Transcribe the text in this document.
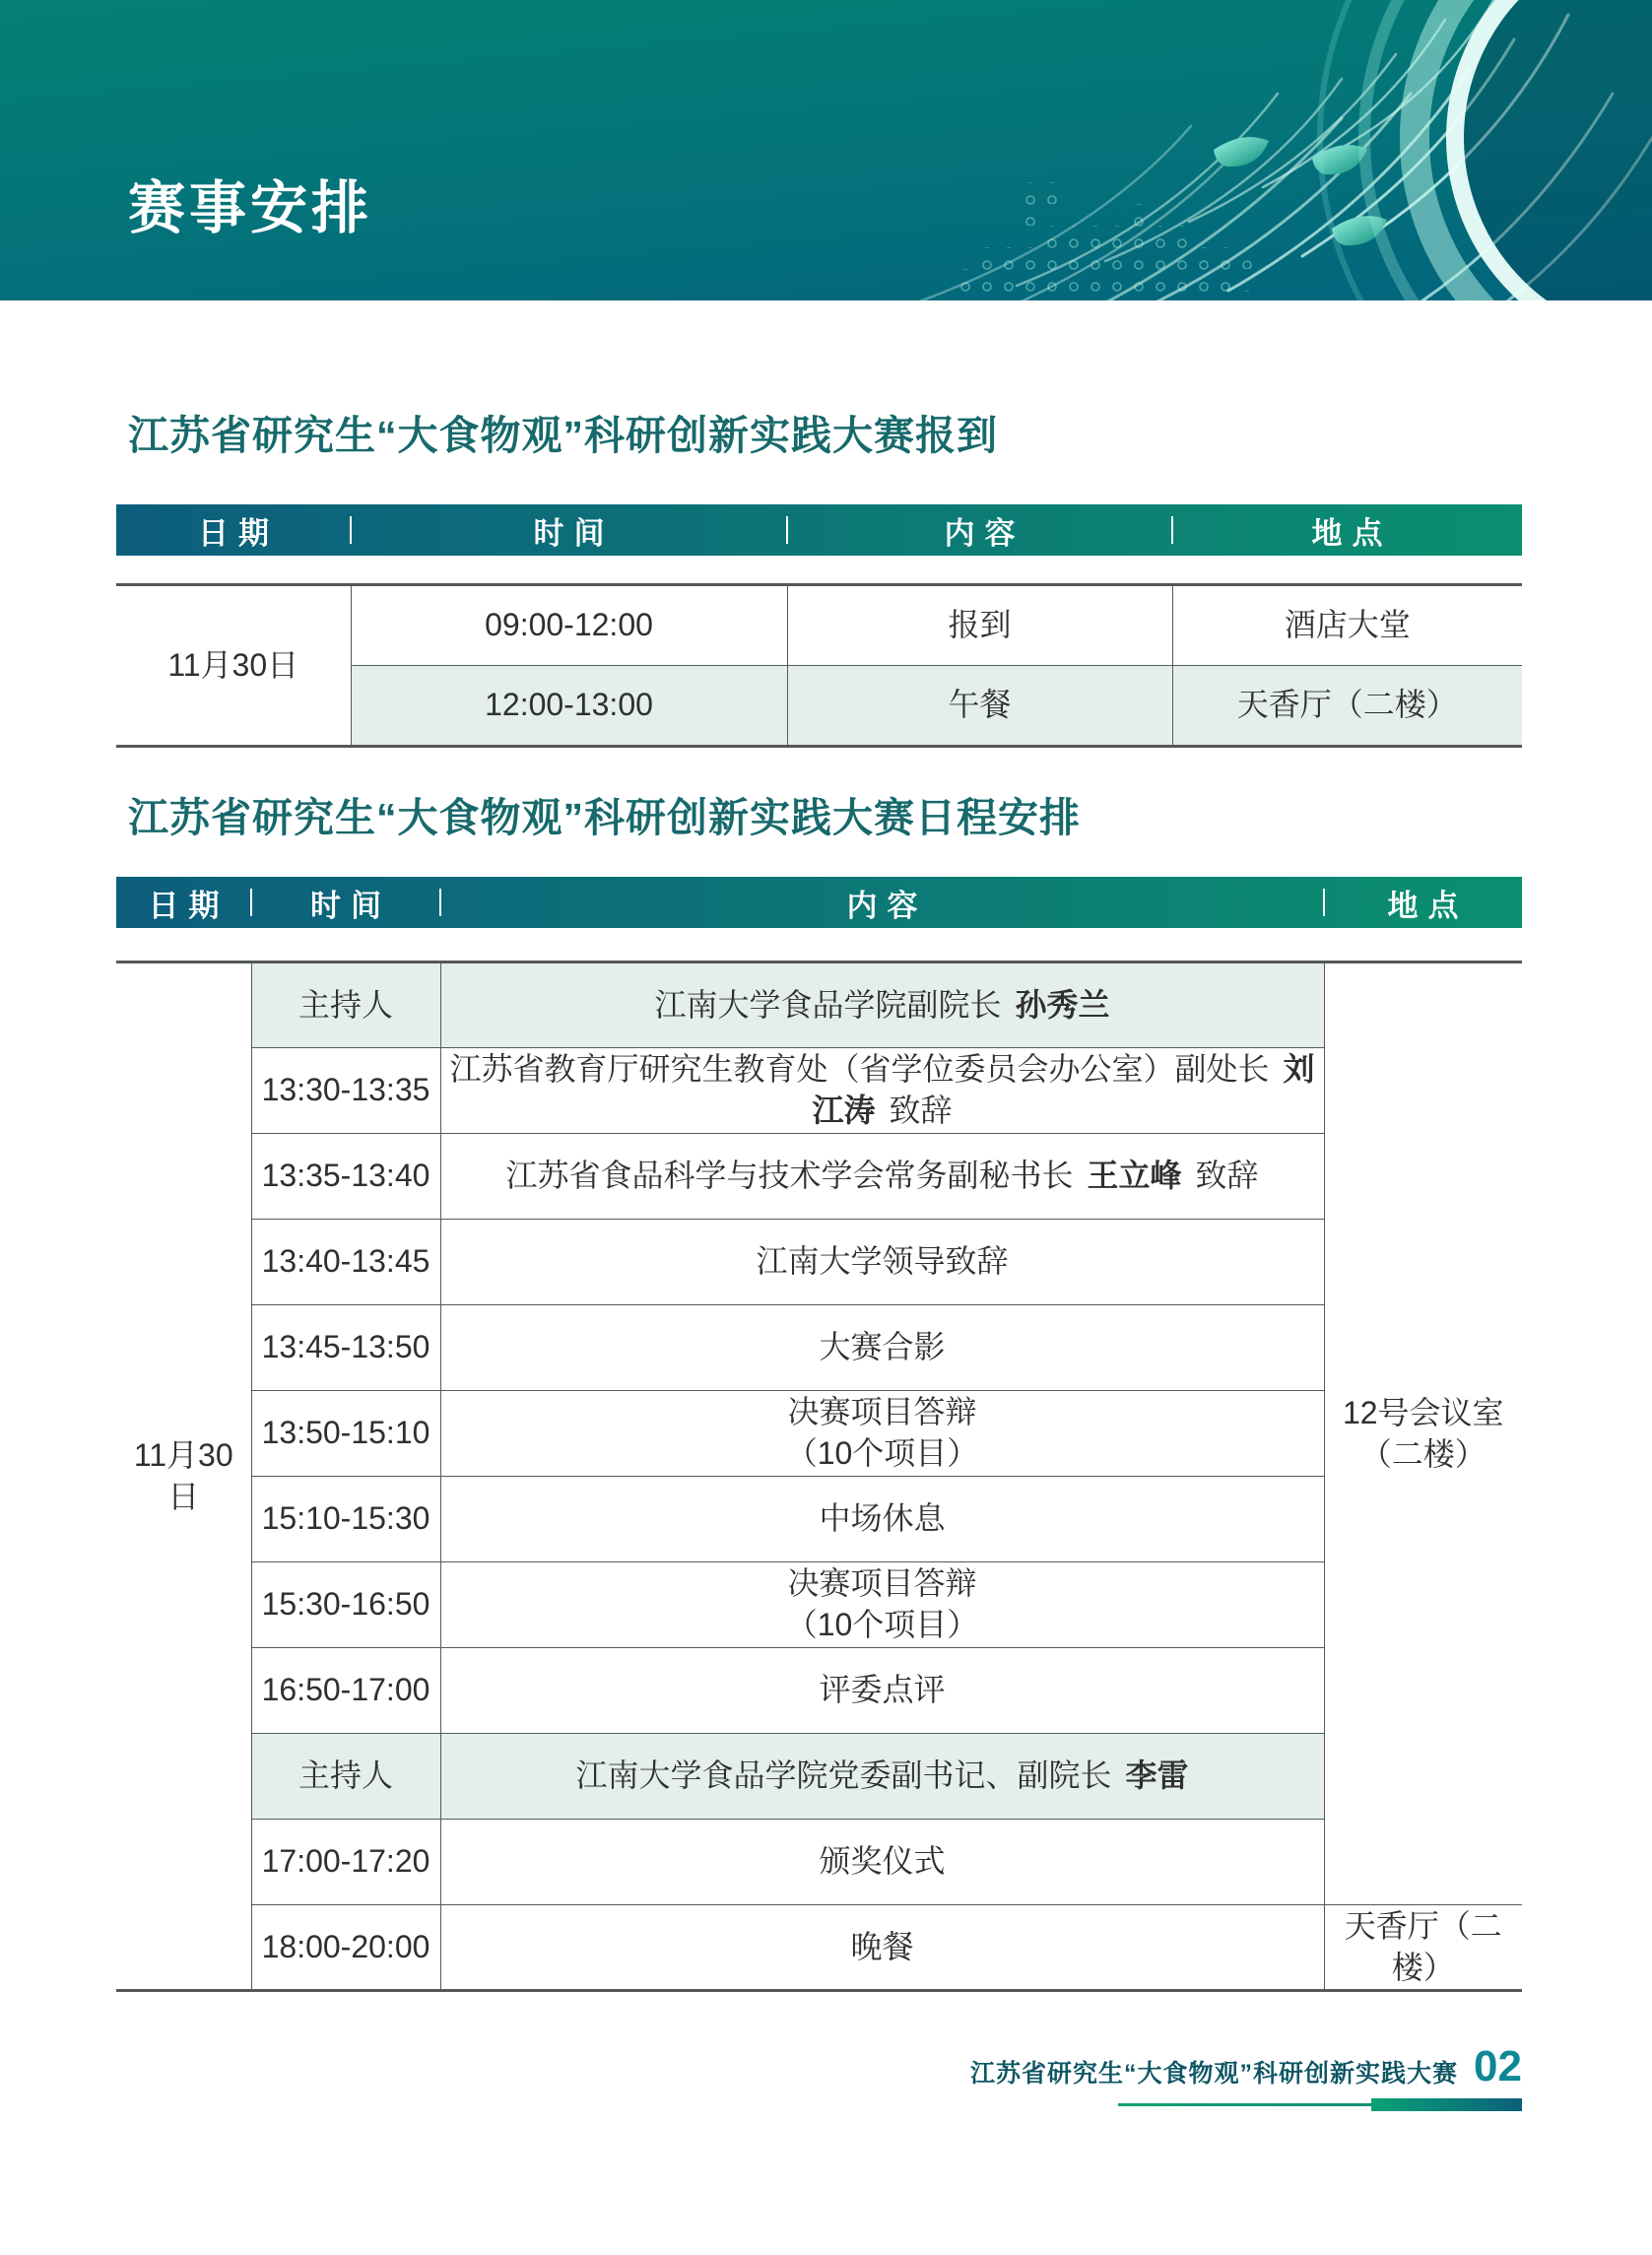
赛事安排
江苏省研究生“大食物观”科研创新实践大赛报到
日期	时间	内容	地点
11月30日	09:00-12:00	报到	酒店大堂
	12:00-13:00	午餐	天香厅（二楼）
江苏省研究生“大食物观”科研创新实践大赛日程安排
日期	时间	内容	地点
11月30日	主持人	江南大学食品学院副院长 孙秀兰	12号会议室
（二楼）

	13:30-13:35	江苏省教育厅研究生教育处（省学位委员会办公室）副处长 刘江涛 致辞	
	13:35-13:40	江苏省食品科学与技术学会常务副秘书长 王立峰 致辞	
	13:40-13:45	江南大学领导致辞	
	13:45-13:50	大赛合影	
	13:50-15:10	决赛项目答辩
（10个项目）	

	15:10-15:30	中场休息	
	15:30-16:50	决赛项目答辩
（10个项目）	

	16:50-17:00	评委点评	
	主持人	江南大学食品学院党委副书记、副院长 李雷	
	17:00-17:20	颁奖仪式	
	18:00-20:00	晚餐	天香厅（二楼）
江苏省研究生“大食物观”科研创新实践大赛 02
